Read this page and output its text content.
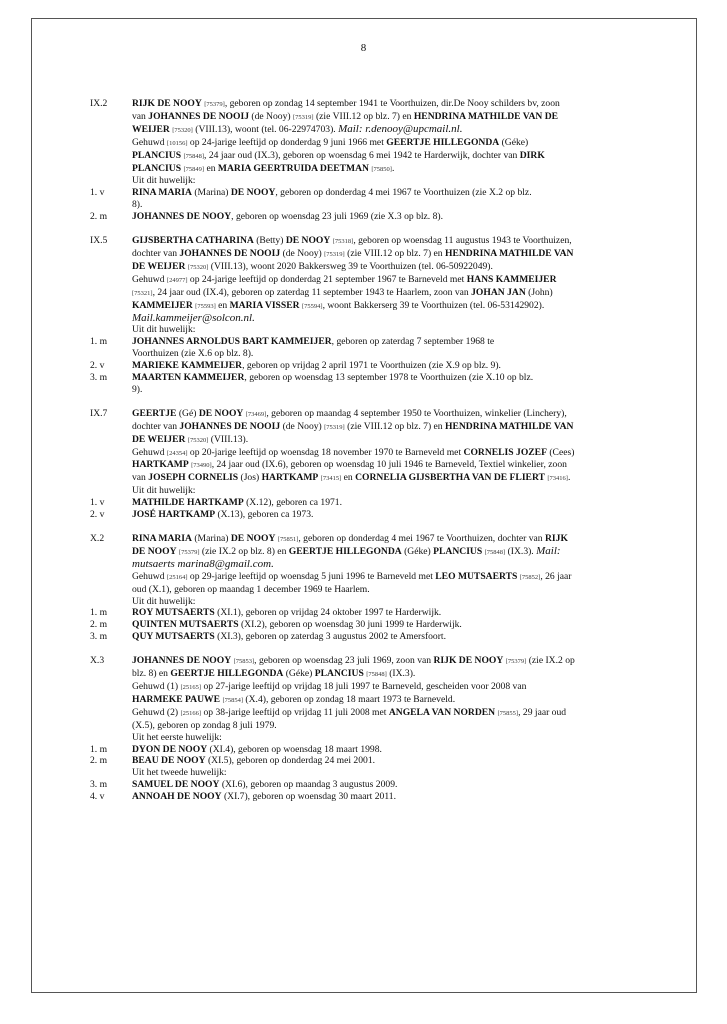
8
IX.2	RIJK DE NOOY [75379], geboren op zondag 14 september 1941 te Voorthuizen, dir.De Nooy schilders bv, zoon
van JOHANNES DE NOOIJ (de Nooy) [75319] (zie VIII.12 op blz. 7) en HENDRINA MATHILDE VAN DE
WEIJER [75320] (VIII.13), woont (tel. 06-22974703). Mail: r.denooy@upcmail.nl.
Gehuwd [10156] op 24-jarige leeftijd op donderdag 9 juni 1966 met GEERTJE HILLEGONDA (Géke)
PLANCIUS [75848], 24 jaar oud (IX.3), geboren op woensdag 6 mei 1942 te Harderwijk, dochter van DIRK
PLANCIUS [75849] en MARIA GEERTRUIDA DEETMAN [75850].
Uit dit huwelijk:
1. v	RINA MARIA (Marina) DE NOOY, geboren op donderdag 4 mei 1967 te Voorthuizen (zie X.2 op blz.
8).
2. m	JOHANNES DE NOOY, geboren op woensdag 23 juli 1969 (zie X.3 op blz. 8).
IX.5	GIJSBERTHA CATHARINA (Betty) DE NOOY [75318], geboren op woensdag 11 augustus 1943 te Voorthuizen,
dochter van JOHANNES DE NOOIJ (de Nooy) [75319] (zie VIII.12 op blz. 7) en HENDRINA MATHILDE VAN
DE WEIJER [75320] (VIII.13), woont 2020 Bakkersweg 39 te Voorthuizen (tel. 06-50922049).
Gehuwd [24977] op 24-jarige leeftijd op donderdag 21 september 1967 te Barneveld met HANS KAMMEIJER
[75321], 24 jaar oud (IX.4), geboren op zaterdag 11 september 1943 te Haarlem, zoon van JOHAN JAN (John)
KAMMEIJER [75593] en MARIA VISSER [75594], woont Bakkerserg 39 te Voorthuizen (tel. 06-53142902).
Mail.kammeijer@solcon.nl.
Uit dit huwelijk:
1. m	JOHANNES ARNOLDUS BART KAMMEIJER, geboren op zaterdag 7 september 1968 te
Voorthuizen (zie X.6 op blz. 8).
2. v	MARIEKE KAMMEIJER, geboren op vrijdag 2 april 1971 te Voorthuizen (zie X.9 op blz. 9).
3. m	MAARTEN KAMMEIJER, geboren op woensdag 13 september 1978 te Voorthuizen (zie X.10 op blz.
9).
IX.7	GEERTJE (Gé) DE NOOY [73469], geboren op maandag 4 september 1950 te Voorthuizen, winkelier (Linchery),
dochter van JOHANNES DE NOOIJ (de Nooy) [75319] (zie VIII.12 op blz. 7) en HENDRINA MATHILDE VAN
DE WEIJER [75320] (VIII.13).
Gehuwd [24354] op 20-jarige leeftijd op woensdag 18 november 1970 te Barneveld met CORNELIS JOZEF (Cees)
HARTKAMP [73490], 24 jaar oud (IX.6), geboren op woensdag 10 juli 1946 te Barneveld, Textiel winkelier, zoon
van JOSEPH CORNELIS (Jos) HARTKAMP [73415] en CORNELIA GIJSBERTHA VAN DE FLIERT [73416].
Uit dit huwelijk:
1. v	MATHILDE HARTKAMP (X.12), geboren ca 1971.
2. v	JOSÉ HARTKAMP (X.13), geboren ca 1973.
X.2	RINA MARIA (Marina) DE NOOY [75851], geboren op donderdag 4 mei 1967 te Voorthuizen, dochter van RIJK
DE NOOY [75379] (zie IX.2 op blz. 8) en GEERTJE HILLEGONDA (Géke) PLANCIUS [75848] (IX.3). Mail:
mutsaerts marina8@gmail.com.
Gehuwd [25164] op 29-jarige leeftijd op woensdag 5 juni 1996 te Barneveld met LEO MUTSAERTS [75852], 26 jaar
oud (X.1), geboren op maandag 1 december 1969 te Haarlem.
Uit dit huwelijk:
1. m	ROY MUTSAERTS (XI.1), geboren op vrijdag 24 oktober 1997 te Harderwijk.
2. m	QUINTEN MUTSAERTS (XI.2), geboren op woensdag 30 juni 1999 te Harderwijk.
3. m	QUY MUTSAERTS (XI.3), geboren op zaterdag 3 augustus 2002 te Amersfoort.
X.3	JOHANNES DE NOOY [75853], geboren op woensdag 23 juli 1969, zoon van RIJK DE NOOY [75379] (zie IX.2 op
blz. 8) en GEERTJE HILLEGONDA (Géke) PLANCIUS [75848] (IX.3).
Gehuwd (1) [25165] op 27-jarige leeftijd op vrijdag 18 juli 1997 te Barneveld, gescheiden voor 2008 van
HARMEKE PAUWE [75854] (X.4), geboren op zondag 18 maart 1973 te Barneveld.
Gehuwd (2) [25166] op 38-jarige leeftijd op vrijdag 11 juli 2008 met ANGELA VAN NORDEN [75855], 29 jaar oud
(X.5), geboren op zondag 8 juli 1979.
Uit het eerste huwelijk:
1. m	DYON DE NOOY (XI.4), geboren op woensdag 18 maart 1998.
2. m	BEAU DE NOOY (XI.5), geboren op donderdag 24 mei 2001.
Uit het tweede huwelijk:
3. m	SAMUEL DE NOOY (XI.6), geboren op maandag 3 augustus 2009.
4. v	ANNOAH DE NOOY (XI.7), geboren op woensdag 30 maart 2011.
